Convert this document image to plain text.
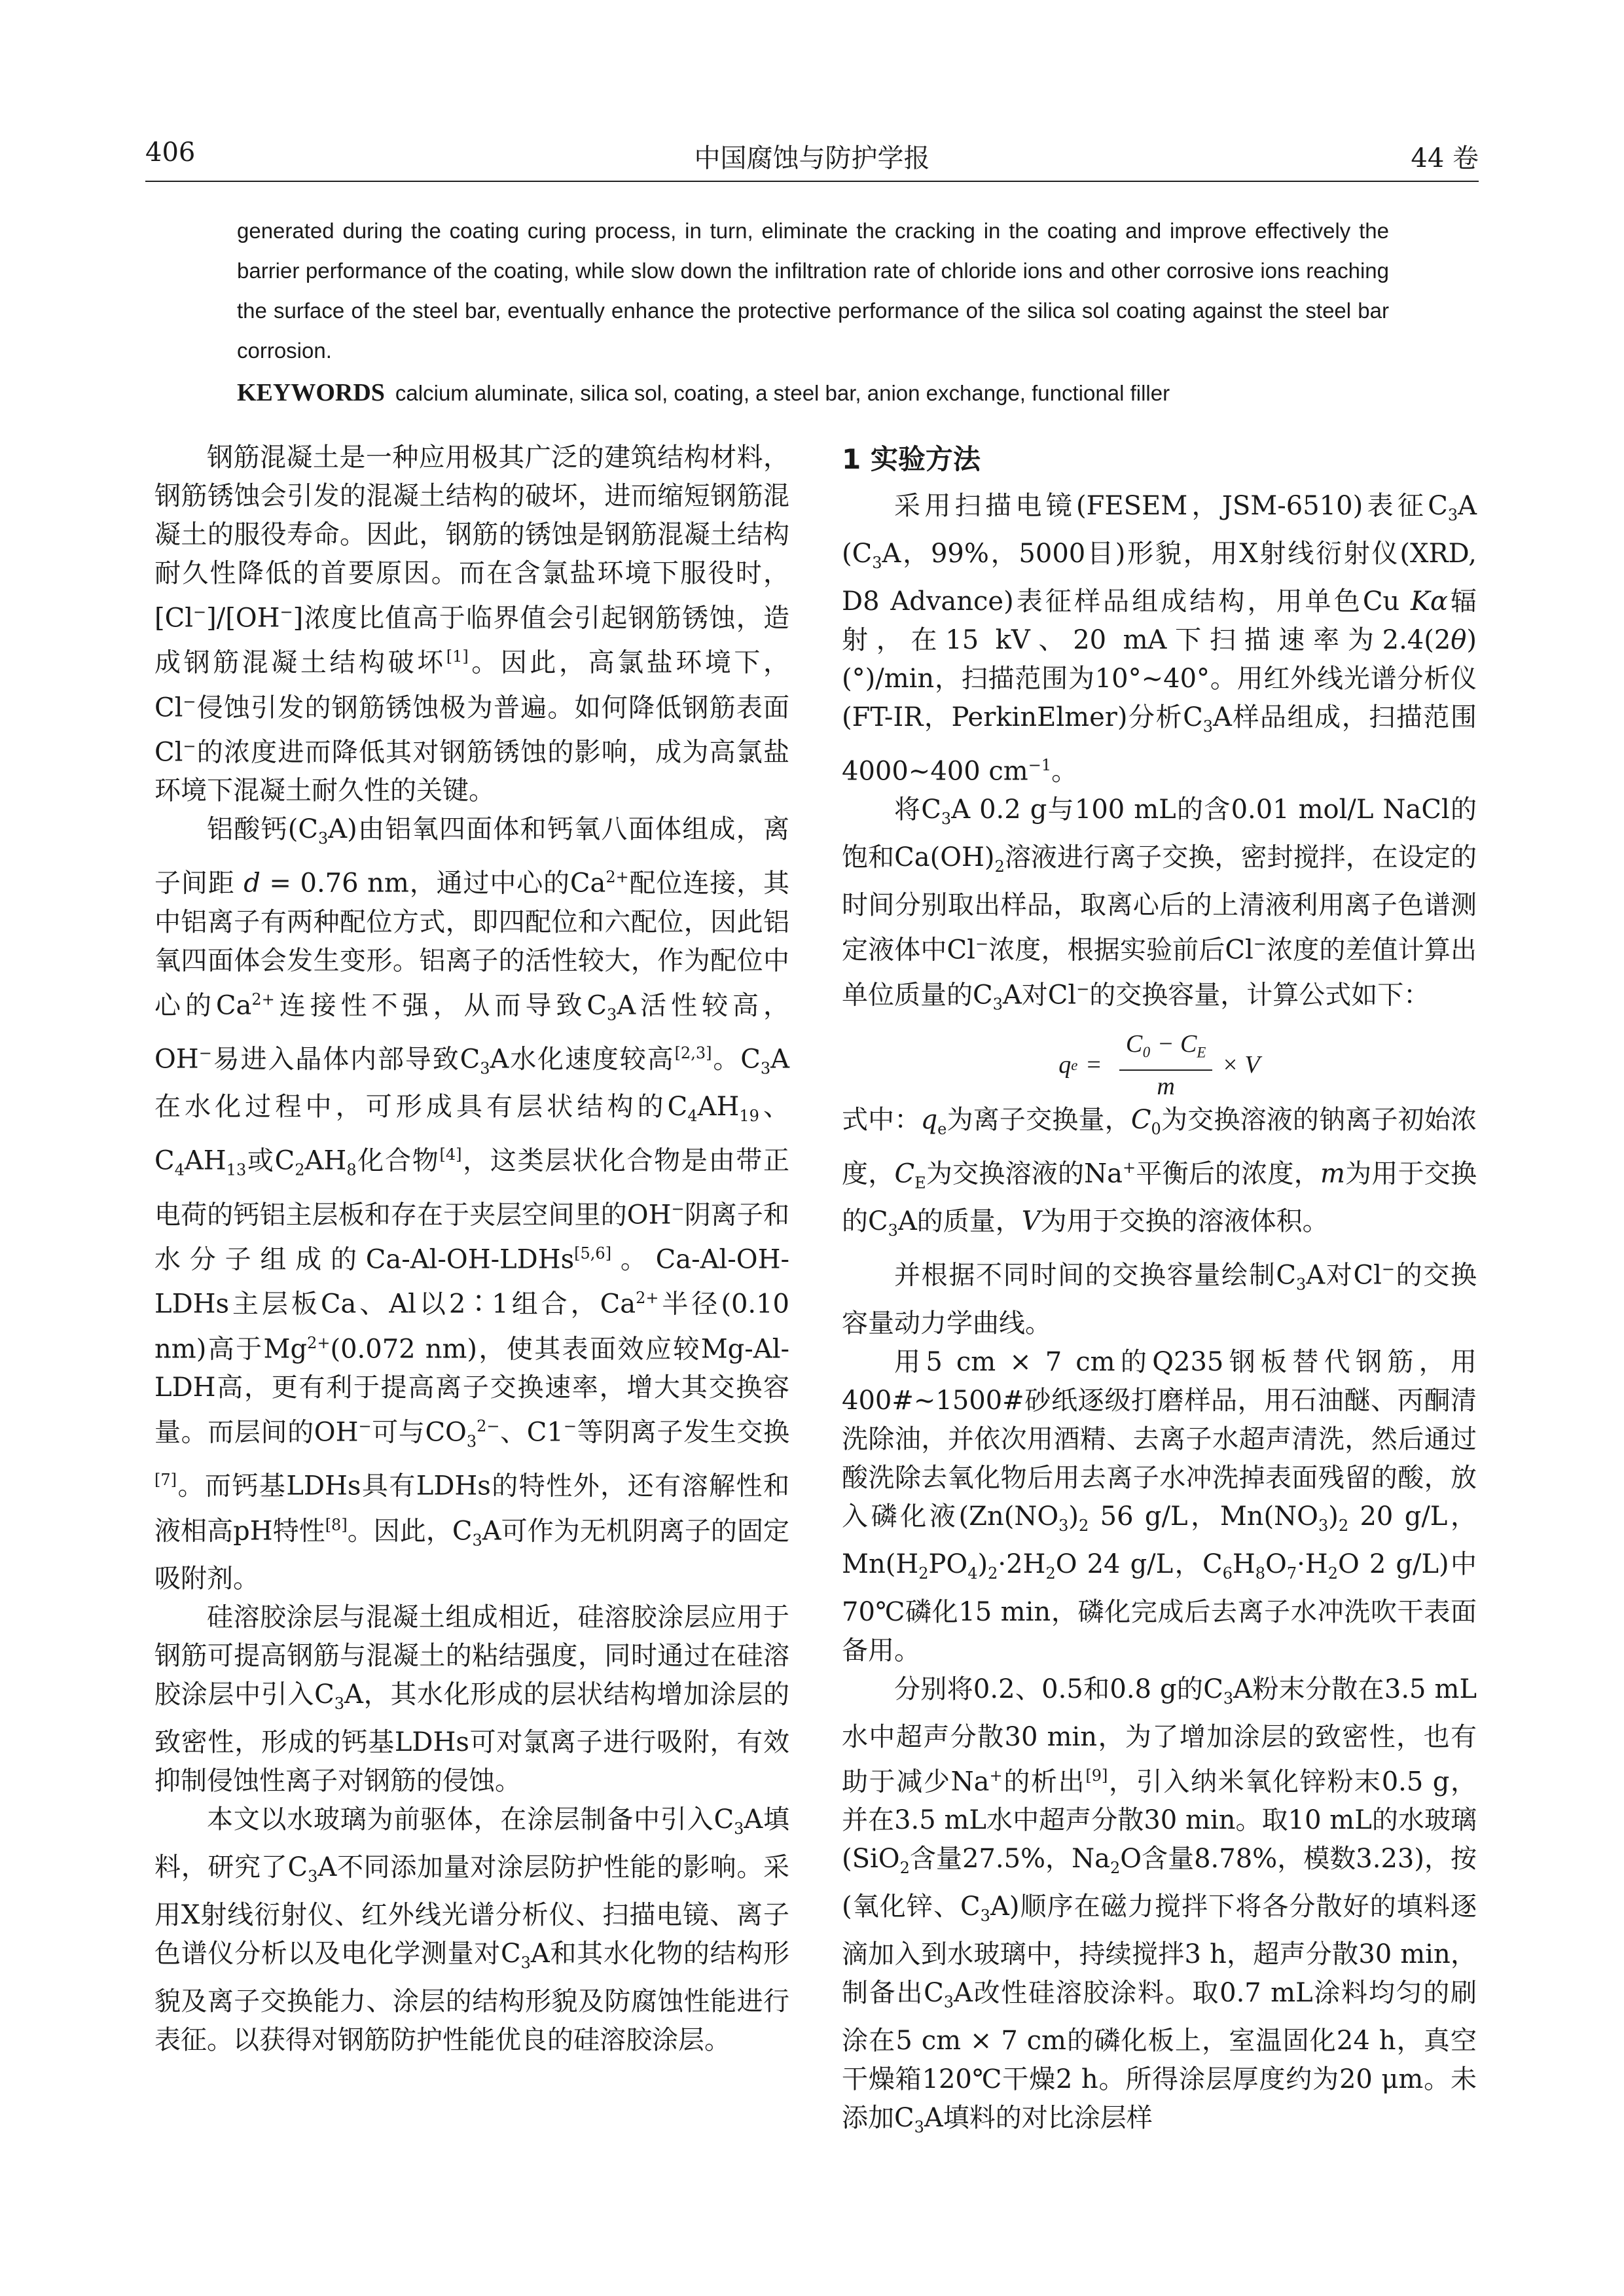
406	中国腐蚀与防护学报	44 卷
generated during the coating curing process, in turn, eliminate the cracking in the coating and improve effectively the barrier performance of the coating, while slow down the infiltration rate of chloride ions and other corrosive ions reaching the surface of the steel bar, eventually enhance the protective performance of the silica sol coating against the steel bar corrosion.
KEYWORDS calcium aluminate, silica sol, coating, a steel bar, anion exchange, functional filler

钢筋混凝土是一种应用极其广泛的建筑结构材料，钢筋锈蚀会引发的混凝土结构的破坏，进而缩短钢筋混凝土的服役寿命。因此，钢筋的锈蚀是钢筋混凝土结构耐久性降低的首要原因。而在含氯盐环境下服役时，[Cl−]/[OH−]浓度比值高于临界值会引起钢筋锈蚀，造成钢筋混凝土结构破坏[1]。因此，高氯盐环境下，Cl−侵蚀引发的钢筋锈蚀极为普遍。如何降低钢筋表面Cl−的浓度进而降低其对钢筋锈蚀的影响，成为高氯盐环境下混凝土耐久性的关键。

铝酸钙$(C_3A)$由铝氧四面体和钙氧八面体组成，离子间距 d = 0.76 nm，通过中心的$Ca^{2+}$配位连接，其中铝离子有两种配位方式，即四配位和六配位，因此铝氧四面体会发生变形。铝离子的活性较大，作为配位中心的$Ca^{2+}$连接性不强，从而导致$C_3A$活性较高，OH−易进入晶体内部导致$C_3A$水化速度较高[2,3]。$C_3A$在水化过程中，可形成具有层状结构的$C_4AH_{19}$、$C_4AH_{13}$或$C_2AH_8$化合物[4]，这类层状化合物是由带正电荷的钙铝主层板和存在于夹层空间里的OH−阴离子和水分子组成的Ca-Al-OH-LDHs[5,6]。Ca-Al-OH-LDHs主层板Ca、Al以2∶1组合，$Ca^{2+}$半径(0.10 nm)高于$Mg^{2+}(0.072$ nm)，使其表面效应较Mg-Al-LDH高，更有利于提高离子交换速率，增大其交换容量。而层间的OH−可与$CO_3^{2-}$、C1−等阴离子发生交换[7]。而钙基LDHs具有LDHs的特性外，还有溶解性和液相高pH特性[8]。因此，$C_3A$可作为无机阴离子的固定吸附剂。

硅溶胶涂层与混凝土组成相近，硅溶胶涂层应用于钢筋可提高钢筋与混凝土的粘结强度，同时通过在硅溶胶涂层中引入$C_3A$，其水化形成的层状结构增加涂层的致密性，形成的钙基LDHs可对氯离子进行吸附，有效抑制侵蚀性离子对钢筋的侵蚀。

本文以水玻璃为前驱体，在涂层制备中引入$C_3A$填料，研究了$C_3A$不同添加量对涂层防护性能的影响。采用X射线衍射仪、红外线光谱分析仪、扫描电镜、离子色谱仪分析以及电化学测量对$C_3A$和其水化物的结构形貌及离子交换能力、涂层的结构形貌及防腐蚀性能进行表征。以获得对钢筋防护性能优良的硅溶胶涂层。

1 实验方法

采用扫描电镜(FESEM，JSM-6510)表征$C_3A$ ($C_3A$，99%，5000目)形貌，用X射线衍射仪(XRD, D8 Advance)表征样品组成结构，用单色Cu Kα辐射，在15 kV、20 mA下扫描速率为2.4(2θ) (°)/min，扫描范围为10°~40°。用红外线光谱分析仪(FT-IR，PerkinElmer)分析$C_3A$样品组成，扫描范围4000~400 $cm^{-1}$。

将$C_3A$ 0.2 g与100 mL的含0.01 mol/L NaCl的饱和$Ca(OH)_2$溶液进行离子交换，密封搅拌，在设定的时间分别取出样品，取离心后的上清液利用离子色谱测定液体中Cl−浓度，根据实验前后Cl−浓度的差值计算出单位质量的$C_3A$对Cl−的交换容量，计算公式如下：

q $e = \frac{C_0 - C_E}{m} \times V$

式中：$q_e$为离子交换量，$C_0$为交换溶液的钠离子初始浓度，$C_E$为交换溶液的Na+平衡后的浓度，m为用于交换的$C_3A$的质量，V为用于交换的溶液体积。

并根据不同时间的交换容量绘制$C_3A$对Cl−的交换容量动力学曲线。

用5 cm × 7 cm的Q235钢板替代钢筋，用400#~1500#砂纸逐级打磨样品，用石油醚、丙酮清洗除油，并依次用酒精、去离子水超声清洗，然后通过酸洗除去氧化物后用去离子水冲洗掉表面残留的酸，放入磷化液($Zn(NO_3)_2$ 56 g/L，$Mn(NO_3)_2$ 20 g/L，$Mn(H_2PO_4)_2\cdot 2H_2O$ 24 g/L，$C_6H_8O_7\cdot H_2O$ 2 g/L)中70℃磷化15 min，磷化完成后去离子水冲洗吹干表面备用。

分别将0.2、0.5和0.8 g的$C_3A$粉末分散在3.5 mL水中超声分散30 min，为了增加涂层的致密性，也有助于减少Na+的析出[9]，引入纳米氧化锌粉末0.5 g，并在3.5 mL水中超声分散30 min。取10 mL的水玻璃(SiO$_2$含量27.5%，$Na_2O$含量8.78%，模数3.23)，按(氧化锌、$C_3A$)顺序在磁力搅拌下将各分散好的填料逐滴加入到水玻璃中，持续搅拌3 h，超声分散30 min，制备出$C_3A$改性硅溶胶涂料。取0.7 mL涂料均匀的刷涂在5 cm × 7 cm的磷化板上，室温固化24 h，真空干燥箱120℃干燥2 h。所得涂层厚度约为20 μm。未添加$C_3A$填料的对比涂层样
